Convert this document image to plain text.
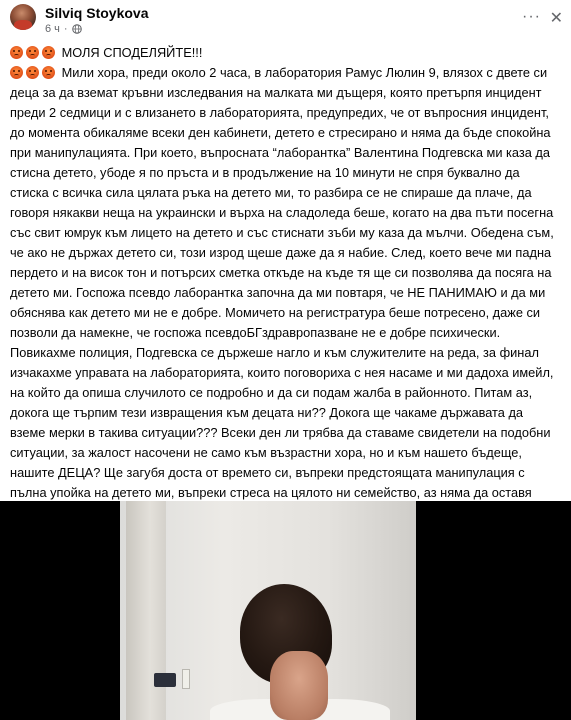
Silviq Stoykova
6 ч ·
··· ✕

МОЛЯ СПОДЕЛЯЙТЕ!!!

Мили хора, преди около 2 часа, в лаборатория Рамус Люлин 9, влязох с двете си деца за да вземат кръвни изследвания на малката ми дъщеря, която претърпя инцидент преди 2 седмици и с влизането в лабораторията, предупредих, че от въпросния инцидент, до момента обикаляме всеки ден кабинети, детето е стресирано и няма да бъде спокойна при манипулацията. При което, въпросната “лаборантка” Валентина Подгевска ми каза да стисна детето, убоде я по пръста и в продължение на 10 минути не спря буквално да стиска с всичка сила цялата ръка на детето ми, то разбира се не спираше да плаче, да говоря някакви неща на украински и върха на сладоледа беше, когато на два пъти посегна със свит юмрук към лицето на детето и със стиснати зъби му каза да мълчи. Обедена съм, че ако не държах детето си, този изрод щеше даже да я набие. След, което вече ми падна пердето и на висок тон и потърсих сметка откъде на къде тя ще си позволява да посяга на детето ми. Госпожа псевдо лаборантка започна да ми повтаря, че НЕ ПАНИМАЮ и да ми обяснява как детето ми не е добре. Момичето на регистратура беше потресено, даже си позволи да намекне, че госпожа псевдоБГздравропазване не е добре психически. Повикахме полиция, Подгевска се държеше нагло и към служителите на реда, за финал изчакахме управата на лабораторията, които поговориха с нея насаме и ми дадоха имейл, на който да опиша случилото се подробно и да си подам жалба в районното. Питам аз, докога ще търпим тези извращения към децата ни?? Докога ще чакаме държавата да вземе мерки в такива ситуации??? Всеки ден ли трябва да ставаме свидетели на подобни ситуации, за жалост насочени не само към възрастни хора, но и към нашето бъдеще, нашите ДЕЦА? Ще загубя доста от времето си, въпреки предстоящата манипулация с пълна упойка на детето ми, въпреки стреса на цялото ни семейство, аз няма да оставя
